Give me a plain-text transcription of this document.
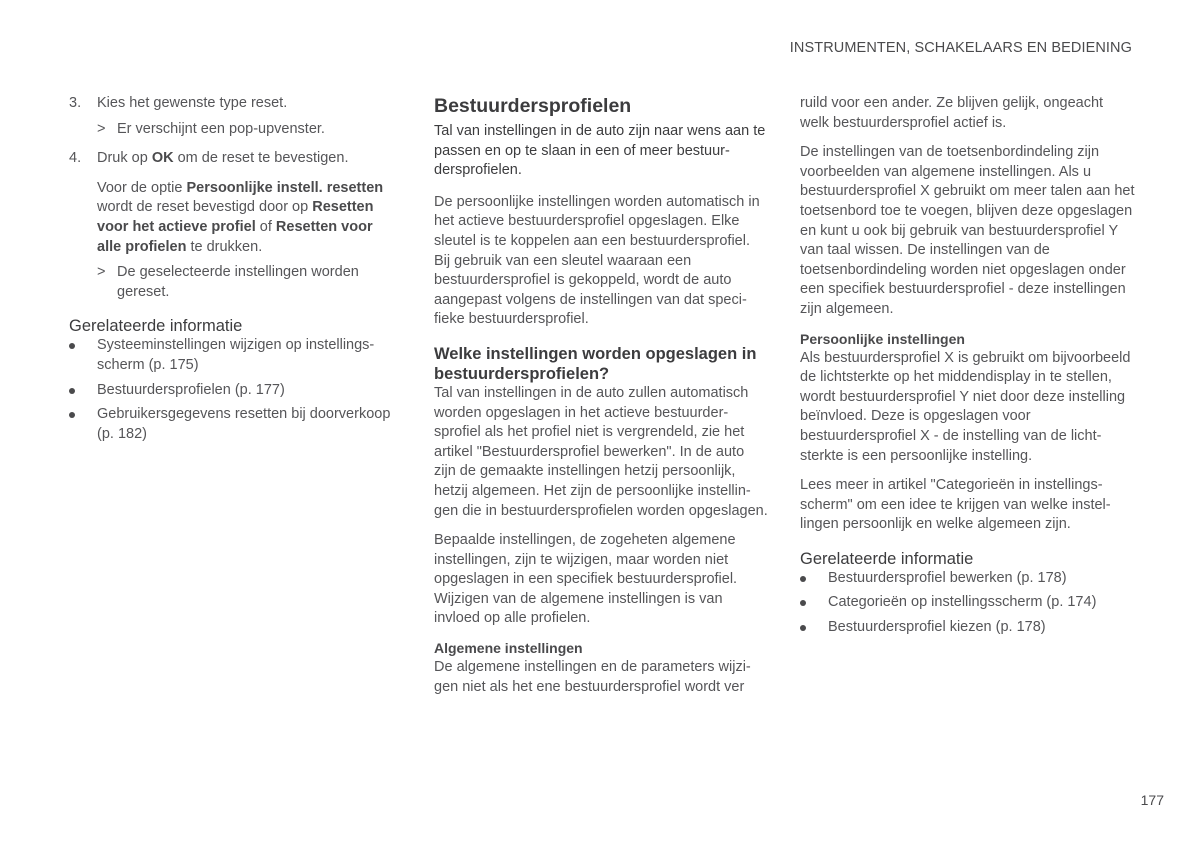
INSTRUMENTEN, SCHAKELAARS EN BEDIENING
3. Kies het gewenste type reset.
> Er verschijnt een pop-upvenster.
4. Druk op OK om de reset te bevestigen.
Voor de optie Persoonlijke instell. resetten wordt de reset bevestigd door op Resetten voor het actieve profiel of Resetten voor alle profielen te drukken.
> De geselecteerde instellingen worden gereset.
Gerelateerde informatie
Systeeminstellingen wijzigen op instellingsscherm (p. 175)
Bestuurdersprofielen (p. 177)
Gebruikersgegevens resetten bij doorverkoop (p. 182)
Bestuurdersprofielen

Tal van instellingen in de auto zijn naar wens aan te passen en op te slaan in een of meer bestuurdersprofielen.

De persoonlijke instellingen worden automatisch in het actieve bestuurdersprofiel opgeslagen. Elke sleutel is te koppelen aan een bestuurdersprofiel. Bij gebruik van een sleutel waaraan een bestuurdersprofiel is gekoppeld, wordt de auto aangepast volgens de instellingen van dat specifieke bestuurdersprofiel.

Welke instellingen worden opgeslagen in bestuurdersprofielen?

Tal van instellingen in de auto zullen automatisch worden opgeslagen in het actieve bestuurdersprofiel als het profiel niet is vergrendeld, zie het artikel "Bestuurdersprofiel bewerken". In de auto zijn de gemaakte instellingen hetzij persoonlijk, hetzij algemeen. Het zijn de persoonlijke instellingen die in bestuurdersprofielen worden opgeslagen.

Bepaalde instellingen, de zogeheten algemene instellingen, zijn te wijzigen, maar worden niet opgeslagen in een specifiek bestuurdersprofiel. Wijzigen van de algemene instellingen is van invloed op alle profielen.

Algemene instellingen

De algemene instellingen en de parameters wijzigen niet als het ene bestuurdersprofiel wordt ver

ruild voor een ander. Ze blijven gelijk, ongeacht welk bestuurdersprofiel actief is.

De instellingen van de toetsenbordindeling zijn voorbeelden van algemene instellingen. Als u bestuurdersprofiel X gebruikt om meer talen aan het toetsenbord toe te voegen, blijven deze opgeslagen en kunt u ook bij gebruik van bestuurdersprofiel Y van taal wissen. De instellingen van de toetsenbordindeling worden niet opgeslagen onder een specifiek bestuurdersprofiel - deze instellingen zijn algemeen.

Persoonlijke instellingen

Als bestuurdersprofiel X is gebruikt om bijvoorbeeld de lichtsterkte op het middendisplay in te stellen, wordt bestuurdersprofiel Y niet door deze instelling beïnvloed. Deze is opgeslagen voor bestuurdersprofiel X - de instelling van de lichtsterkte is een persoonlijke instelling.

Lees meer in artikel "Categorieën in instellingsscherm" om een idee te krijgen van welke instellingen persoonlijk en welke algemeen zijn.

Gerelateerde informatie
Bestuurdersprofiel bewerken (p. 178)
Categorieën op instellingsscherm (p. 174)
Bestuurdersprofiel kiezen (p. 178)
177
